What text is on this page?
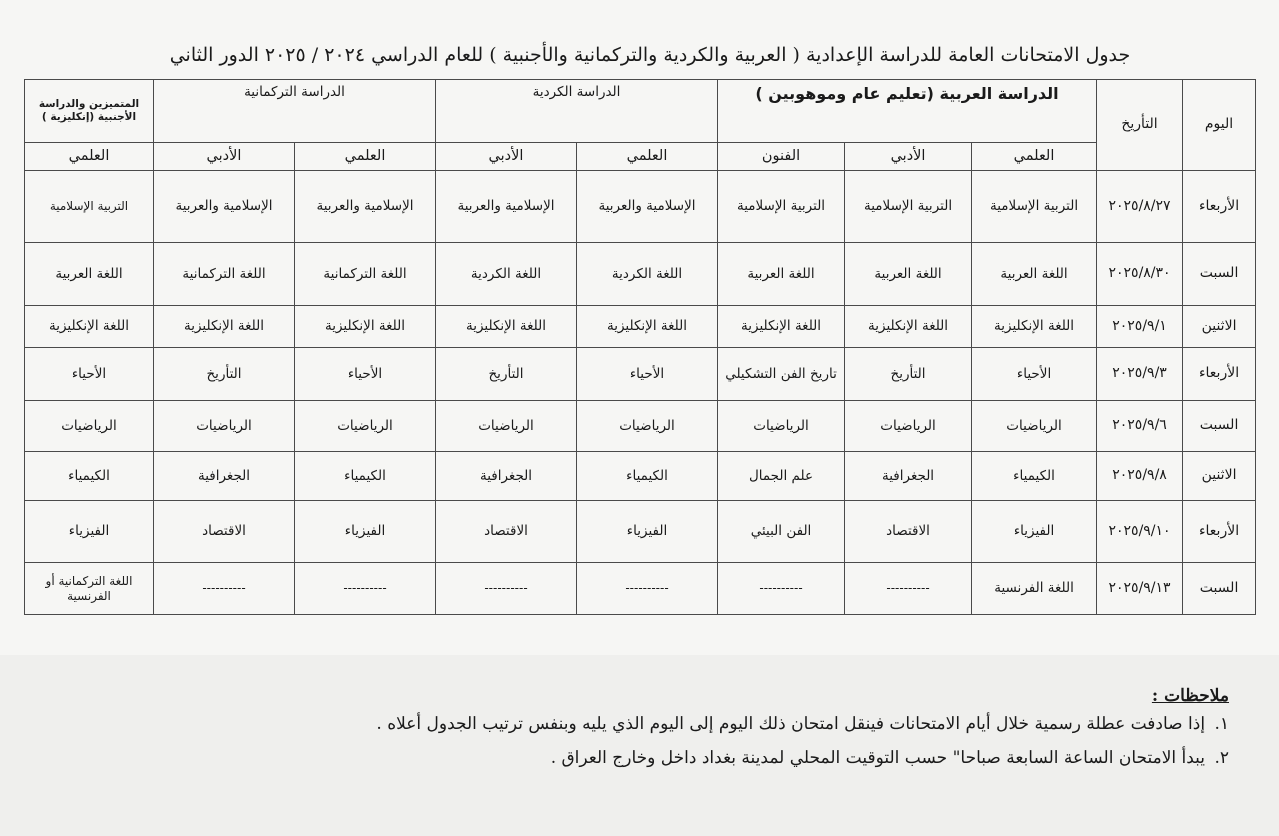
جدول الامتحانات العامة للدراسة الإعدادية ( العربية والكردية والتركمانية والأجنبية ) للعام الدراسي ٢٠٢٤ / ٢٠٢٥ الدور الثاني
اليوم	التأريخ	الدراسة العربية (تعليم عام وموهوبين )			الدراسة الكردية		الدراسة التركمانية		المتميزين والدراسة الأجنبية (إنكليزية )
		العلمي	الأدبي	الفنون	العلمي	الأدبي	العلمي	الأدبي	العلمي
الأربعاء	٢٠٢٥/٨/٢٧	التربية الإسلامية	التربية الإسلامية	التربية الإسلامية	الإسلامية والعربية	الإسلامية والعربية	الإسلامية والعربية	الإسلامية والعربية	التربية الإسلامية
السبت	٢٠٢٥/٨/٣٠	اللغة العربية	اللغة العربية	اللغة العربية	اللغة الكردية	اللغة الكردية	اللغة التركمانية	اللغة التركمانية	اللغة العربية
الاثنين	٢٠٢٥/٩/١	اللغة الإنكليزية	اللغة الإنكليزية	اللغة الإنكليزية	اللغة الإنكليزية	اللغة الإنكليزية	اللغة الإنكليزية	اللغة الإنكليزية	اللغة الإنكليزية
الأربعاء	٢٠٢٥/٩/٣	الأحياء	التأريخ	تاريخ الفن التشكيلي	الأحياء	التأريخ	الأحياء	التأريخ	الأحياء
السبت	٢٠٢٥/٩/٦	الرياضيات	الرياضيات	الرياضيات	الرياضيات	الرياضيات	الرياضيات	الرياضيات	الرياضيات
الاثنين	٢٠٢٥/٩/٨	الكيمياء	الجغرافية	علم الجمال	الكيمياء	الجغرافية	الكيمياء	الجغرافية	الكيمياء
الأربعاء	٢٠٢٥/٩/١٠	الفيزياء	الاقتصاد	الفن البيئي	الفيزياء	الاقتصاد	الفيزياء	الاقتصاد	الفيزياء
السبت	٢٠٢٥/٩/١٣	اللغة الفرنسية	----------	----------	----------	----------	----------	----------	اللغة التركمانية أو الفرنسية
ملاحظات :
١. إذا صادفت عطلة رسمية خلال أيام الامتحانات فينقل امتحان ذلك اليوم إلى اليوم الذي يليه وبنفس ترتيب الجدول أعلاه .
٢. يبدأ الامتحان الساعة السابعة صباحا" حسب التوقيت المحلي لمدينة بغداد داخل وخارج العراق .
